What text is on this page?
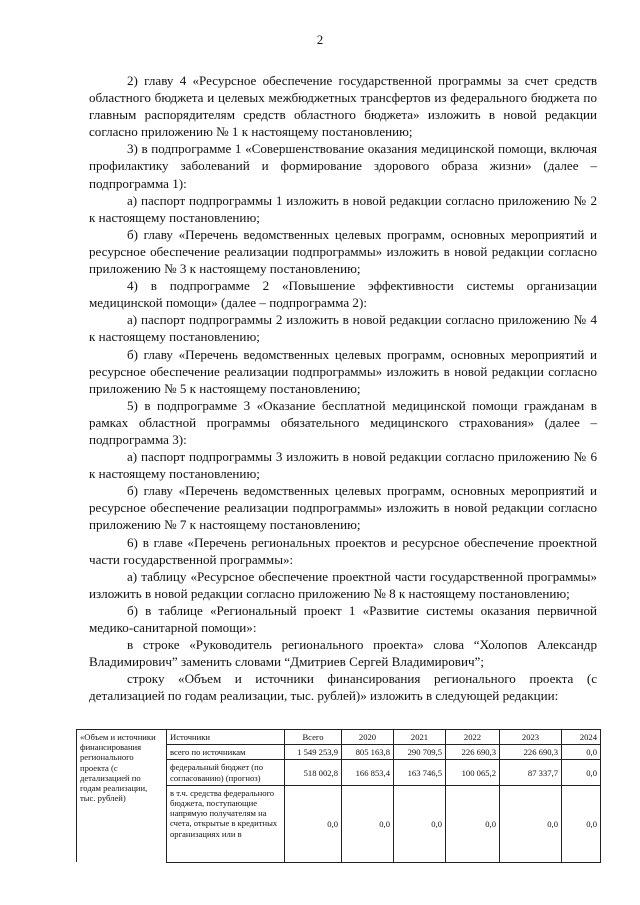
2

2) главу 4 «Ресурсное обеспечение государственной программы за счет средств областного бюджета и целевых межбюджетных трансфертов из федерального бюджета по главным распорядителям средств областного бюджета» изложить в новой редакции согласно приложению № 1 к настоящему постановлению;

3) в подпрограмме 1 «Совершенствование оказания медицинской помощи, включая профилактику заболеваний и формирование здорового образа жизни» (далее – подпрограмма 1):

а) паспорт подпрограммы 1 изложить в новой редакции согласно приложению № 2 к настоящему постановлению;

б) главу «Перечень ведомственных целевых программ, основных мероприятий и ресурсное обеспечение реализации подпрограммы» изложить в новой редакции согласно приложению № 3 к настоящему постановлению;

4) в подпрограмме 2 «Повышение эффективности системы организации медицинской помощи» (далее – подпрограмма 2):

а) паспорт подпрограммы 2 изложить в новой редакции согласно приложению № 4 к настоящему постановлению;

б) главу «Перечень ведомственных целевых программ, основных мероприятий и ресурсное обеспечение реализации подпрограммы» изложить в новой редакции согласно приложению № 5 к настоящему постановлению;

5) в подпрограмме 3 «Оказание бесплатной медицинской помощи гражданам в рамках областной программы обязательного медицинского страхования» (далее – подпрограмма 3):

а) паспорт подпрограммы 3 изложить в новой редакции согласно приложению № 6 к настоящему постановлению;

б) главу «Перечень ведомственных целевых программ, основных мероприятий и ресурсное обеспечение реализации подпрограммы» изложить в новой редакции согласно приложению № 7 к настоящему постановлению;

6) в главе «Перечень региональных проектов и ресурсное обеспечение проектной части государственной программы»:

а) таблицу «Ресурсное обеспечение проектной части государственной программы» изложить в новой редакции согласно приложению № 8 к настоящему постановлению;

б) в таблице «Региональный проект 1 «Развитие системы оказания первичной медико-санитарной помощи»:

в строке «Руководитель регионального проекта» слова “Холопов Александр Владимирович” заменить словами “Дмитриев Сергей Владимирович”;

строку «Объем и источники финансирования регионального проекта (с детализацией по годам реализации, тыс. рублей)» изложить в следующей редакции:

«Объем и источники финансирования регионального проекта (с детализацией по годам реализации, тыс. рублей)	Источники	Всего	2020	2021	2022	2023	2024
	всего по источникам	1 549 253,9	805 163,8	290 709,5	226 690,3	226 690,3	0,0
	федеральный бюджет (по согласованию) (прогноз)	518 002,8	166 853,4	163 746,5	100 065,2	87 337,7	0,0

	в т.ч. средства федерального бюджета, поступающие напрямую получателям на счета, открытые в кредитных организациях или в	0,0	0,0	0,0	0,0	0,0	0,0
